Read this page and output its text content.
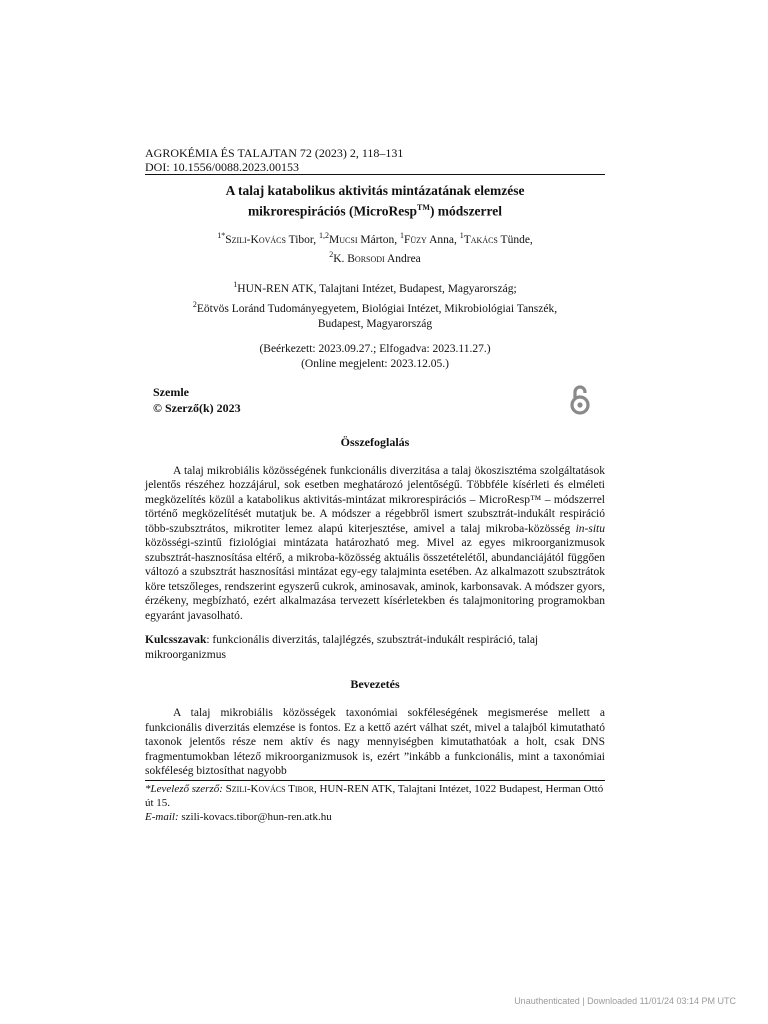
AGROKÉMIA ÉS TALAJTAN 72 (2023) 2, 118–131

DOI: 10.1556/0088.2023.00153

A talaj katabolikus aktivitás mintázatának elemzése
mikrorespirációs (MicroResp™) módszerrel
$^{1*}$Szili-Kovács Tibor, $^{1,2}$Mucsi Márton, $^1$Füzy Anna, $^1$Takács Tünde,
$^2$K. Borsodi Andrea
$^1$HUN-REN ATK, Talajtani Intézet, Budapest, Magyarország;
$^2$Eötvös Loránd Tudományegyetem, Biológiai Intézet, Mikrobiológiai Tanszék,
Budapest, Magyarország
(Beérkezett: 2023.09.27.; Elfogadva: 2023.11.27.)
(Online megjelent: 2023.12.05.)
Szemle
© Szerző(k) 2023
Összefoglalás
A talaj mikrobiális közösségének funkcionális diverzitása a talaj ökoszisztéma szolgáltatások jelentős részéhez hozzájárul, sok esetben meghatározó jelentőségű. Többféle kísérleti és elméleti megközelítés közül a katabolikus aktivitás-mintázat mikrorespirációs – MicroResp™ – módszerrel történő megközelítését mutatjuk be. A módszer a régebbről ismert szubsztrát-indukált respiráció több-szubsztrátos, mikrotiter lemez alapú kiterjesztése, amivel a talaj mikroba-közösség in-situ közösségi-szintű fiziológiai mintázata határozható meg. Mivel az egyes mikroorganizmusok szubsztrát-hasznosítása eltérő, a mikroba-közösség aktuális összetételétől, abundanciájától függően változó a szubsztrát hasznosítási mintázat egy-egy talajminta esetében. Az alkalmazott szubsztrátok köre tetszőleges, rendszerint egyszerű cukrok, aminosavak, aminok, karbonsavak. A módszer gyors, érzékeny, megbízható, ezért alkalmazása tervezett kísérletekben és talajmonitoring programokban egyaránt javasolható.
Kulcsszavak: funkcionális diverzitás, talajlégzés, szubsztrát-indukált respiráció, talaj mikroorganizmus
Bevezetés
A talaj mikrobiális közösségek taxonómiai sokféleségének megismerése mellett a funkcionális diverzitás elemzése is fontos. Ez a kettő azért válhat szét, mivel a talajból kimutatható taxonok jelentős része nem aktív és nagy mennyiségben kimutathatóak a holt, csak DNS fragmentumokban létező mikroorganizmusok is, ezért ”inkább a funkcionális, mint a taxonómiai sokféleség biztosíthat nagyobb
*Levelező szerző: Szili-Kovács Tibor, HUN-REN ATK, Talajtani Intézet, 1022 Budapest, Herman Ottó út 15.
E-mail: szili-kovacs.tibor@hun-ren.atk.hu
Unauthenticated | Downloaded 11/01/24 03:14 PM UTC
